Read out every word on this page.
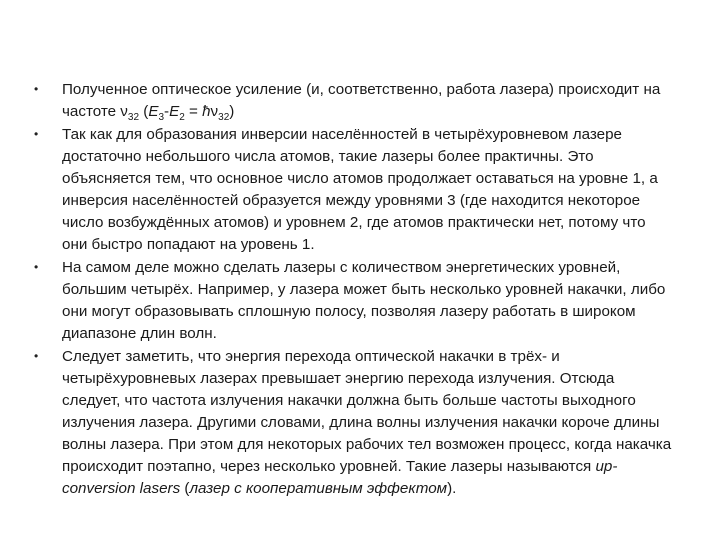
• Полученное оптическое усиление (и, соответственно, работа лазера) происходит на частоте $\nu_{32}$ ($E_3-E_2$ = $ħ\nu_{32}$)
• Так как для образования инверсии населённостей в четырёхуровневом лазере достаточно небольшого числа атомов, такие лазеры более практичны. Это объясняется тем, что основное число атомов продолжает оставаться на уровне 1, а инверсия населённостей образуется между уровнями 3 (где находится некоторое число возбуждённых атомов) и уровнем 2, где атомов практически нет, потому что они быстро попадают на уровень 1.
• На самом деле можно сделать лазеры с количеством энергетических уровней, большим четырёх. Например, у лазера может быть несколько уровней накачки, либо они могут образовывать сплошную полосу, позволяя лазеру работать в широком диапазоне длин волн.
• Следует заметить, что энергия перехода оптической накачки в трёх- и четырёхуровневых лазерах превышает энергию перехода излучения. Отсюда следует, что частота излучения накачки должна быть больше частоты выходного излучения лазера. Другими словами, длина волны излучения накачки короче длины волны лазера. При этом для некоторых рабочих тел возможен процесс, когда накачка происходит поэтапно, через несколько уровней. Такие лазеры называются up-conversion lasers (лазер с кооперативным эффектом).
